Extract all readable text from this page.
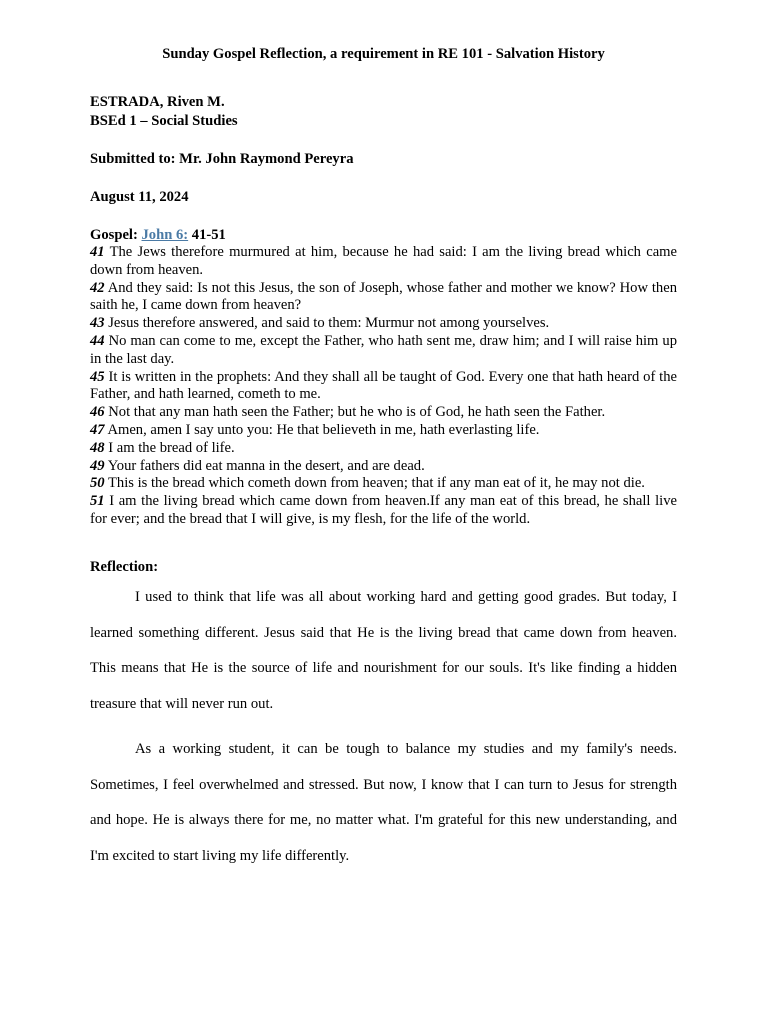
Sunday Gospel Reflection, a requirement in RE 101 - Salvation History
ESTRADA, Riven M.
BSEd 1 – Social Studies
Submitted to: Mr. John Raymond Pereyra
August 11, 2024
Gospel: John 6: 41-51

41 The Jews therefore murmured at him, because he had said: I am the living bread which came down from heaven.

42 And they said: Is not this Jesus, the son of Joseph, whose father and mother we know? How then saith he, I came down from heaven?

43 Jesus therefore answered, and said to them: Murmur not among yourselves.

44 No man can come to me, except the Father, who hath sent me, draw him; and I will raise him up in the last day.

45 It is written in the prophets: And they shall all be taught of God. Every one that hath heard of the Father, and hath learned, cometh to me.

46 Not that any man hath seen the Father; but he who is of God, he hath seen the Father.

47 Amen, amen I say unto you: He that believeth in me, hath everlasting life.

48 I am the bread of life.

49 Your fathers did eat manna in the desert, and are dead.

50 This is the bread which cometh down from heaven; that if any man eat of it, he may not die.

51 I am the living bread which came down from heaven.If any man eat of this bread, he shall live for ever; and the bread that I will give, is my flesh, for the life of the world.

Reflection:

I used to think that life was all about working hard and getting good grades. But today, I learned something different. Jesus said that He is the living bread that came down from heaven. This means that He is the source of life and nourishment for our souls. It's like finding a hidden treasure that will never run out.

As a working student, it can be tough to balance my studies and my family's needs. Sometimes, I feel overwhelmed and stressed. But now, I know that I can turn to Jesus for strength and hope. He is always there for me, no matter what. I'm grateful for this new understanding, and I'm excited to start living my life differently.
